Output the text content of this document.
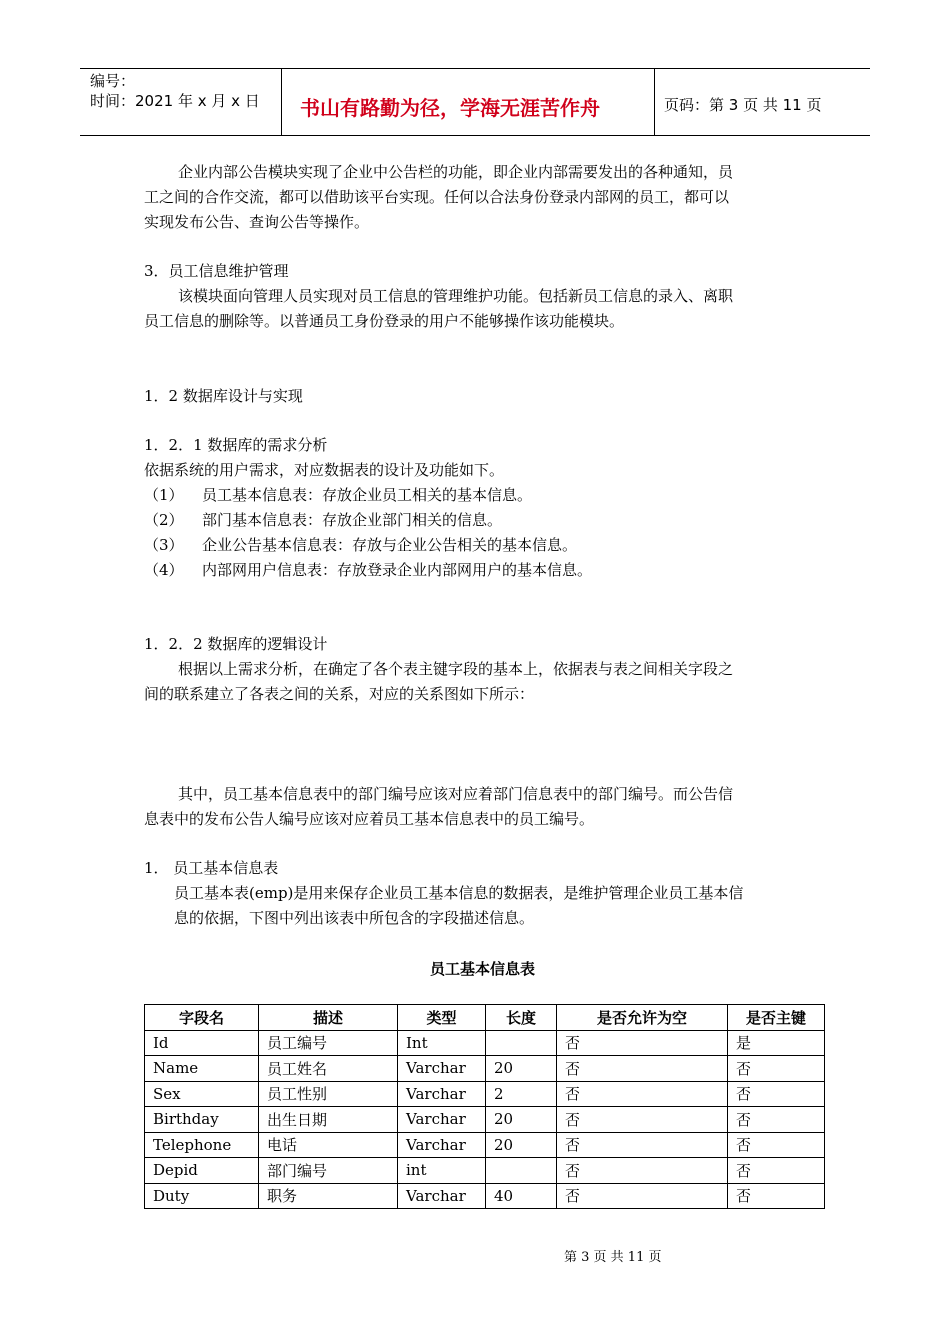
编号：
时间：2021 年 x 月 x 日 书山有路勤为径，学海无涯苦作舟	页码：第 3 页 共 11 页
企业内部公告模块实现了企业中公告栏的功能，即企业内部需要发出的各种通知，员
工之间的合作交流，都可以借助该平台实现。任何以合法身份登录内部网的员工，都可以
实现发布公告、查询公告等操作。
3．员工信息维护管理
该模块面向管理人员实现对员工信息的管理维护功能。包括新员工信息的录入、离职
员工信息的删除等。以普通员工身份登录的用户不能够操作该功能模块。
1．2 数据库设计与实现
1．2．1 数据库的需求分析
依据系统的用户需求，对应数据表的设计及功能如下。
（1） 员工基本信息表：存放企业员工相关的基本信息。
（2） 部门基本信息表：存放企业部门相关的信息。
（3） 企业公告基本信息表：存放与企业公告相关的基本信息。
（4） 内部网用户信息表：存放登录企业内部网用户的基本信息。
1．2．2 数据库的逻辑设计
根据以上需求分析，在确定了各个表主键字段的基本上，依据表与表之间相关字段之
间的联系建立了各表之间的关系，对应的关系图如下所示：
其中，员工基本信息表中的部门编号应该对应着部门信息表中的部门编号。而公告信
息表中的发布公告人编号应该对应着员工基本信息表中的员工编号。
1． 员工基本信息表
员工基本表(emp)是用来保存企业员工基本信息的数据表，是维护管理企业员工基本信
息的依据，下图中列出该表中所包含的字段描述信息。
员工基本信息表
字段名	描述	类型	长度	是否允许为空	是否主键
Id	员工编号	Int		否	是
Name	员工姓名	Varchar	20	否	否
Sex	员工性别	Varchar	2	否	否
Birthday	出生日期	Varchar	20	否	否
Telephone	电话	Varchar	20	否	否
Depid	部门编号	int		否	否
Duty	职务	Varchar	40	否	否
第 3 页 共 11 页
